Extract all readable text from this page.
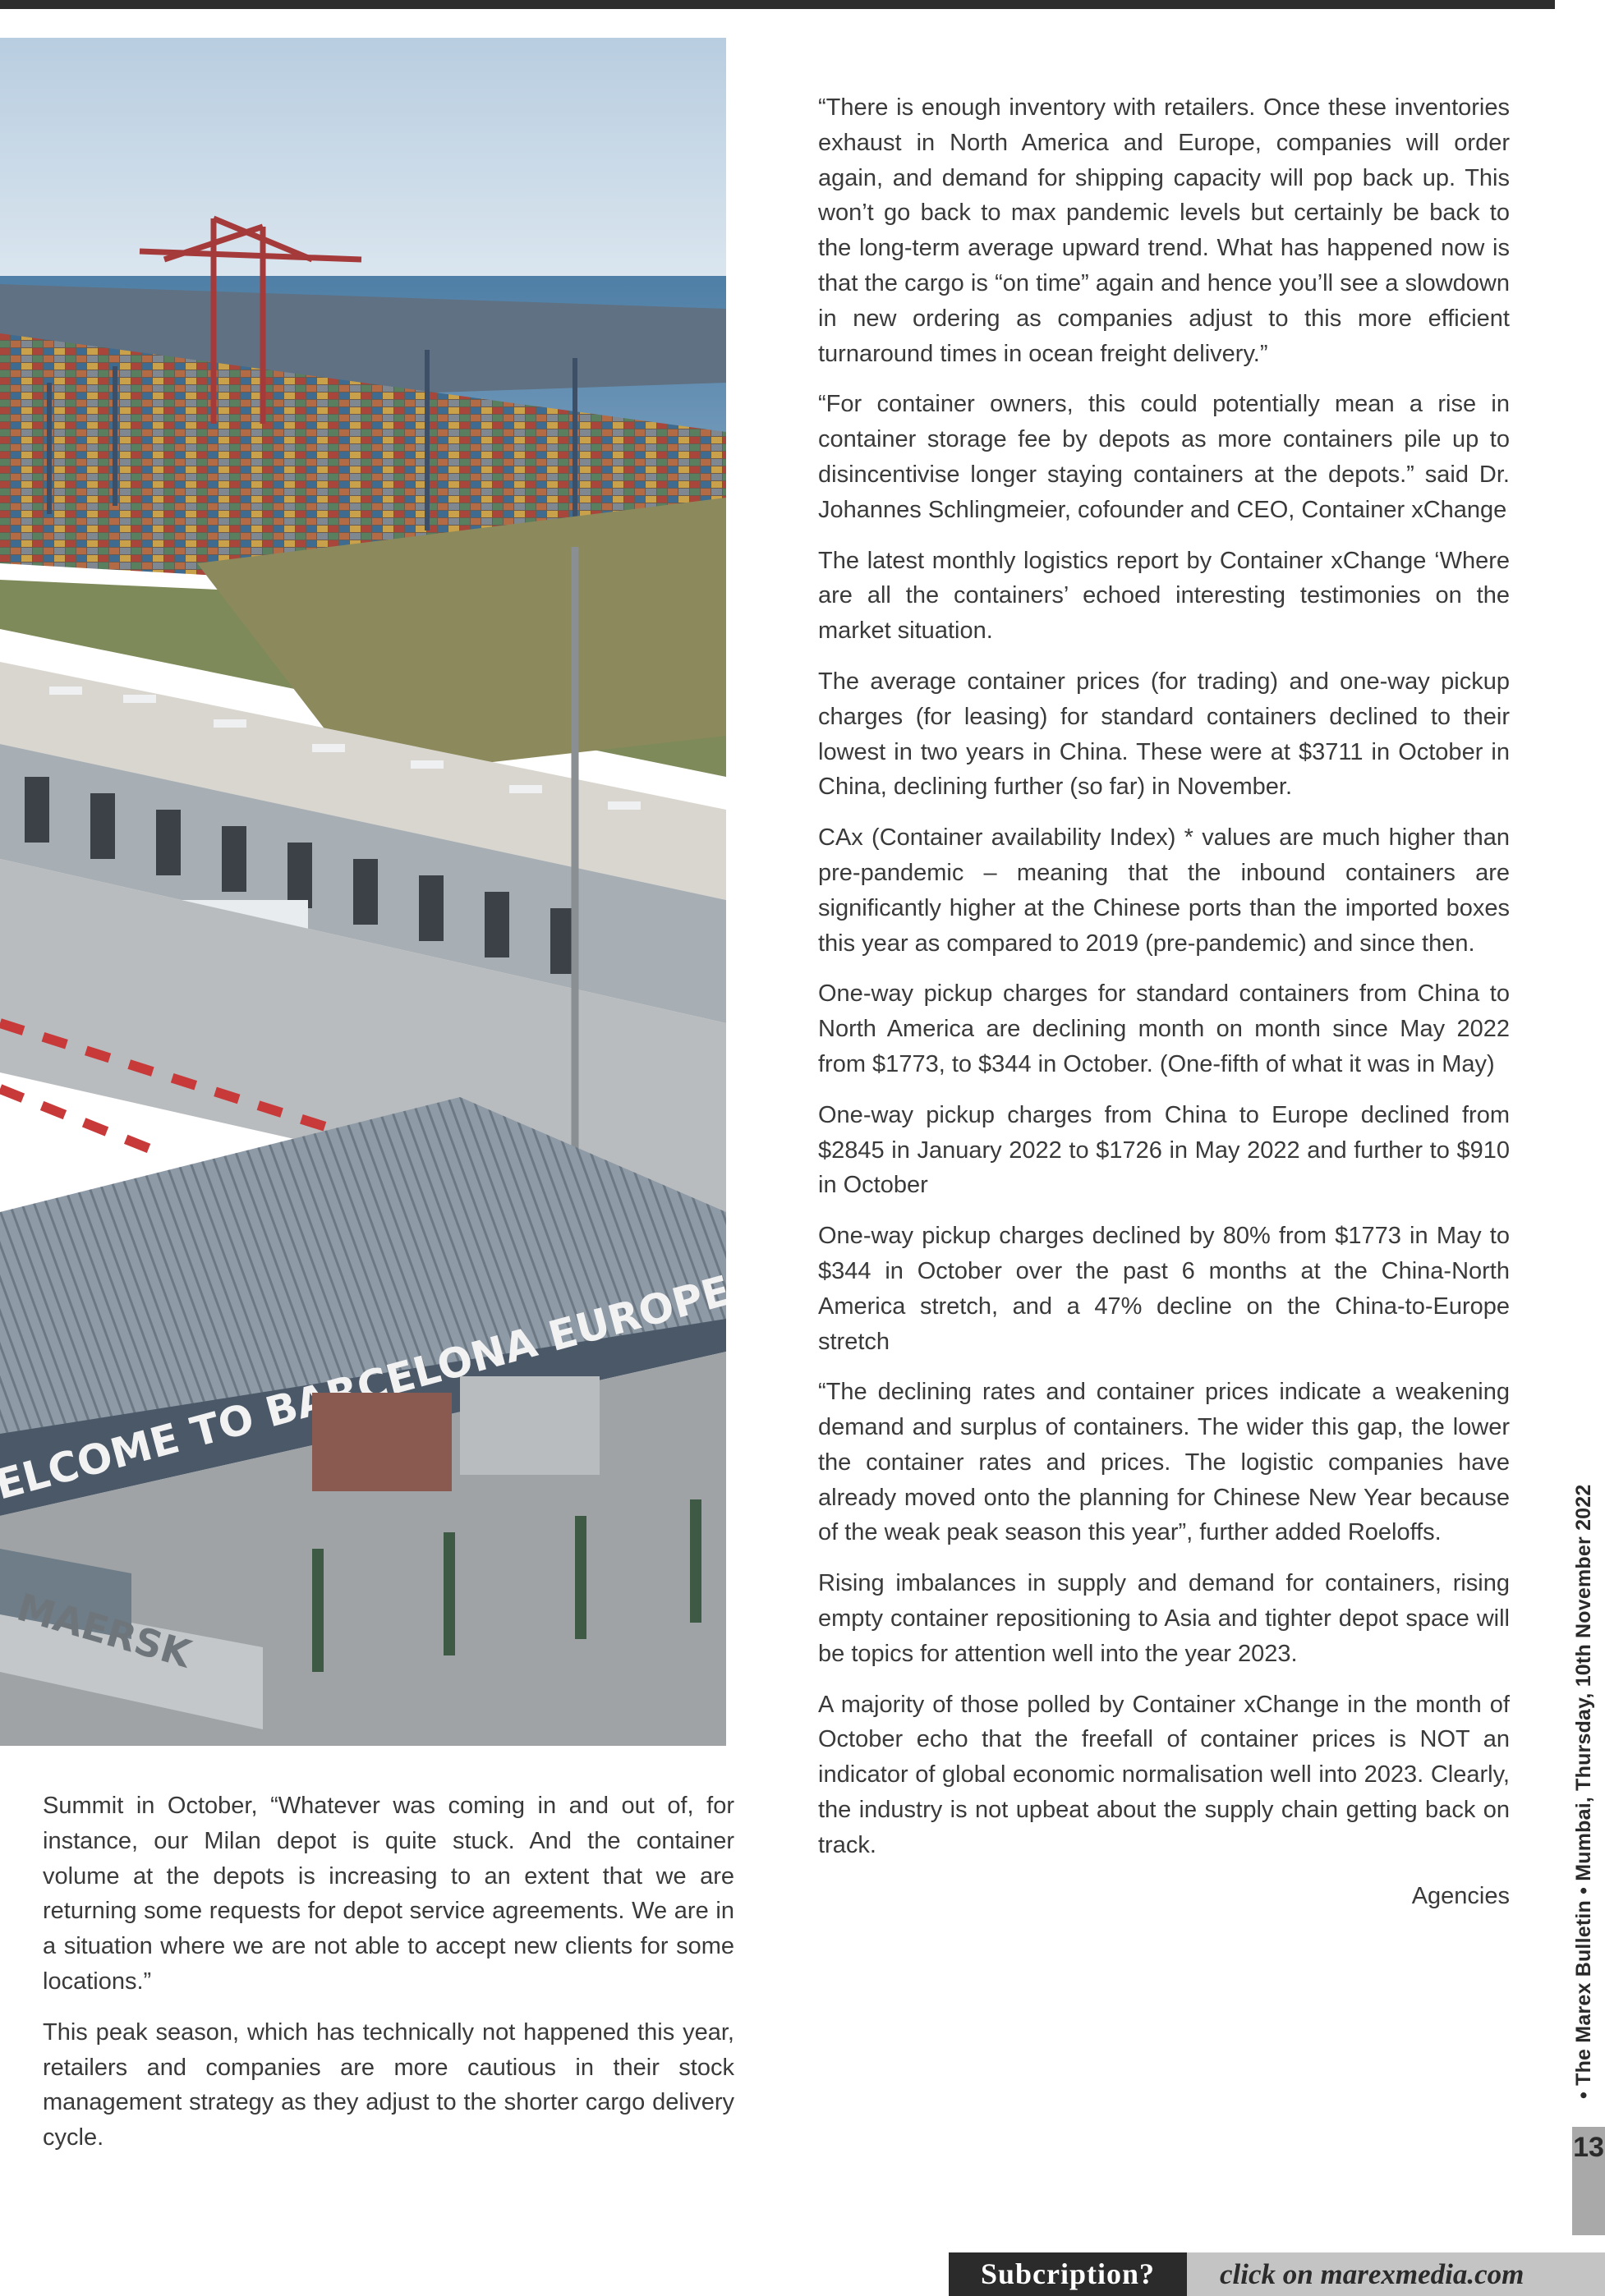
MAERSK

“There is enough inventory with retailers. Once these inventories exhaust in North America and Europe, companies will order again, and demand for shipping capacity will pop back up. This won’t go back to max pandemic levels but certainly be back to the long-term average upward trend. What has happened now is that the cargo is “on time” again and hence you’ll see a slowdown in new ordering as companies adjust to this more efficient turnaround times in ocean freight delivery.”

“For container owners, this could potentially mean a rise in container storage fee by depots as more containers pile up to disincentivise longer staying containers at the depots.” said Dr. Johannes Schlingmeier, cofounder and CEO, Container xChange

The latest monthly logistics report by Container xChange ‘Where are all the containers’ echoed interesting testimonies on the market situation.

The average container prices (for trading) and one-way pickup charges (for leasing) for standard containers declined to their lowest in two years in China. These were at $3711 in October in China, declining further (so far) in November.

CAx (Container availability Index) * values are much higher than pre-pandemic – meaning that the inbound containers are significantly higher at the Chinese ports than the imported boxes this year as compared to 2019 (pre-pandemic) and since then.

One-way pickup charges for standard containers from China to North America are declining month on month since May 2022 from $1773, to $344 in October. (One-fifth of what it was in May)

One-way pickup charges from China to Europe declined from $2845 in January 2022 to $1726 in May 2022 and further to $910 in October

One-way pickup charges declined by 80% from $1773 in May to $344 in October over the past 6 months at the China-North America stretch, and a 47% decline on the China-to-Europe stretch

“The declining rates and container prices indicate a weakening demand and surplus of containers. The wider this gap, the lower the container rates and prices. The logistic companies have already moved onto the planning for Chinese New Year because of the weak peak season this year”, further added Roeloffs.

Rising imbalances in supply and demand for containers, rising empty container repositioning to Asia and tighter depot space will be topics for attention well into the year 2023.

A majority of those polled by Container xChange in the month of October echo that the freefall of container prices is NOT an indicator of global economic normalisation well into 2023. Clearly, the industry is not upbeat about the supply chain getting back on track.

Agencies

Summit in October, “Whatever was coming in and out of, for instance, our Milan depot is quite stuck. And the container volume at the depots is increasing to an extent that we are returning some requests for depot service agreements. We are in a situation where we are not able to accept new clients for some locations.”

This peak season, which has technically not happened this year, retailers and companies are more cautious in their stock management strategy as they adjust to the shorter cargo delivery cycle.

• The Marex Bulletin • Mumbai, Thursday, 10th November 2022
13
Subcription?	click on marexmedia.com
